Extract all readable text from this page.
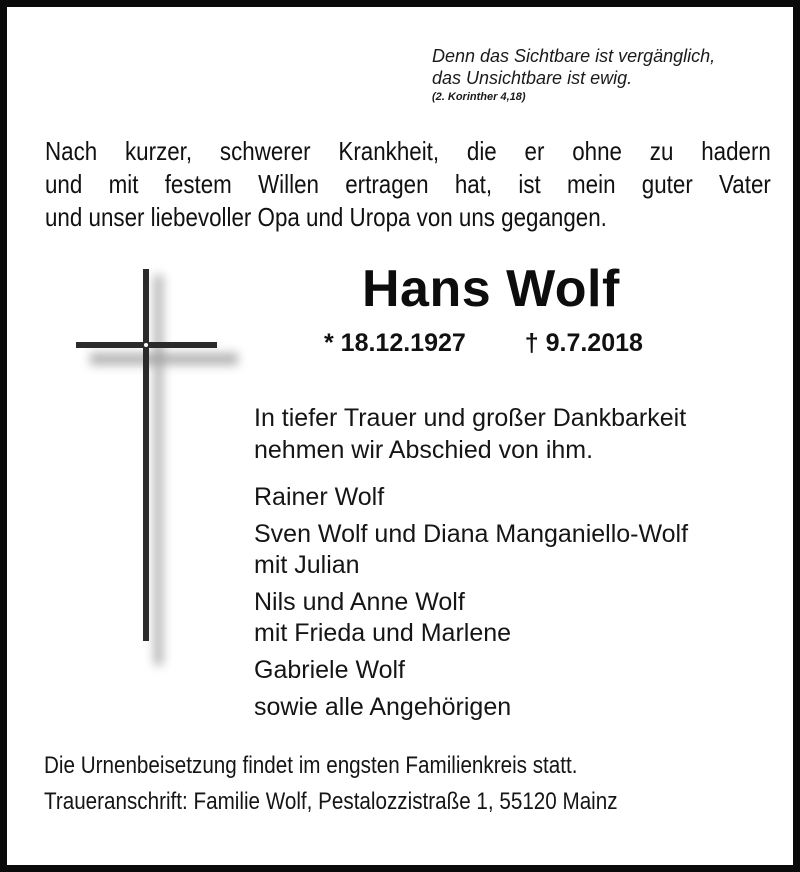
Denn das Sichtbare ist vergänglich,
das Unsichtbare ist ewig.
(2. Korinther 4,18)
Nach kurzer, schwerer Krankheit, die er ohne zu hadern
und mit festem Willen ertragen hat, ist mein guter Vater
und unser liebevoller Opa und Uropa von uns gegangen.
Hans Wolf
* 18.12.1927 † 9.7.2018
In tiefer Trauer und großer Dankbarkeit
nehmen wir Abschied von ihm.
Rainer Wolf
Sven Wolf und Diana Manganiello-Wolf
mit Julian
Nils und Anne Wolf
mit Frieda und Marlene
Gabriele Wolf
sowie alle Angehörigen
Die Urnenbeisetzung findet im engsten Familienkreis statt.
Traueranschrift: Familie Wolf, Pestalozzistraße 1, 55120 Mainz
